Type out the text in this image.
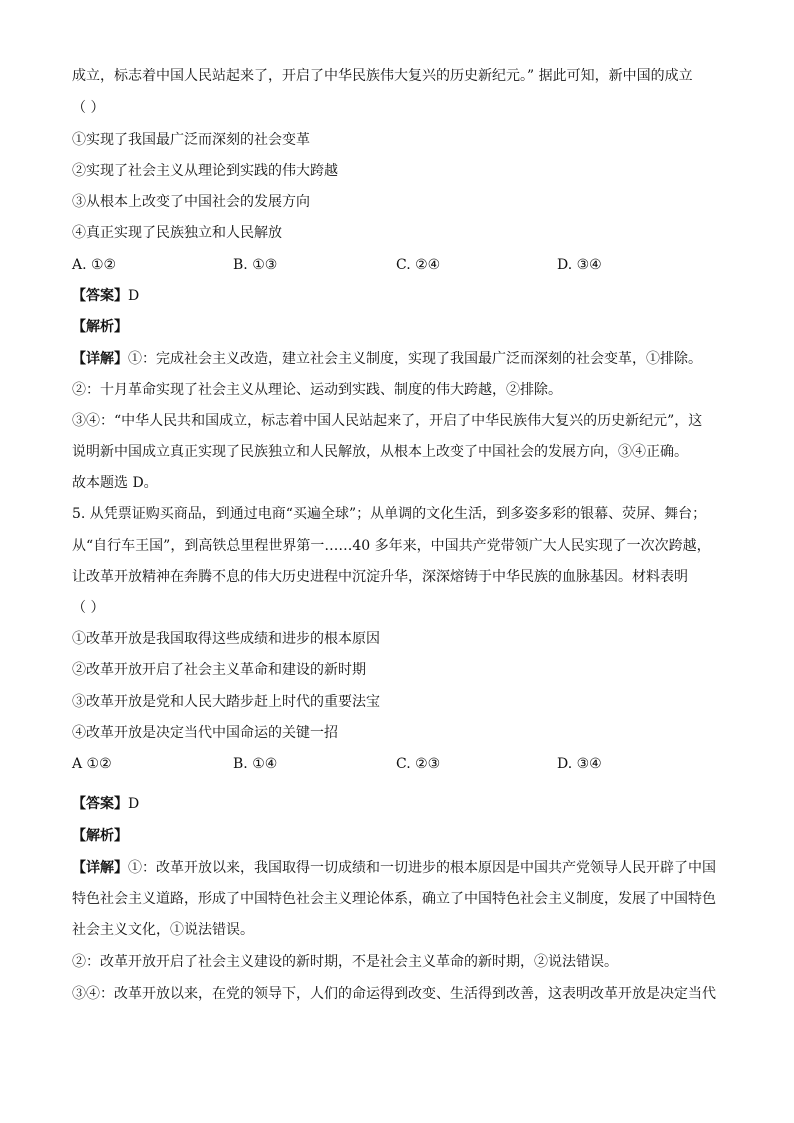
成立，标志着中国人民站起来了，开启了中华民族伟大复兴的历史新纪元。” 据此可知，新中国的成立
（ ）
①实现了我国最广泛而深刻的社会变革
②实现了社会主义从理论到实践的伟大跨越
③从根本上改变了中国社会的发展方向
④真正实现了民族独立和人民解放
A. ①②	B. ①③	C. ②④	D. ③④
【答案】D
【解析】
【详解】①：完成社会主义改造，建立社会主义制度，实现了我国最广泛而深刻的社会变革，①排除。
②：十月革命实现了社会主义从理论、运动到实践、制度的伟大跨越，②排除。
③④：“中华人民共和国成立，标志着中国人民站起来了，开启了中华民族伟大复兴的历史新纪元”，这
说明新中国成立真正实现了民族独立和人民解放，从根本上改变了中国社会的发展方向，③④正确。
故本题选 D。
5. 从凭票证购买商品，到通过电商“买遍全球”；从单调的文化生活，到多姿多彩的银幕、荧屏、舞台；
从“自行车王国”，到高铁总里程世界第一……40 多年来，中国共产党带领广大人民实现了一次次跨越，
让改革开放精神在奔腾不息的伟大历史进程中沉淀升华，深深熔铸于中华民族的血脉基因。材料表明
（ ）
①改革开放是我国取得这些成绩和进步的根本原因
②改革开放开启了社会主义革命和建设的新时期
③改革开放是党和人民大踏步赶上时代的重要法宝
④改革开放是决定当代中国命运的关键一招
A ①②	B. ①④	C. ②③	D. ③④
【答案】D
【解析】
【详解】①：改革开放以来，我国取得一切成绩和一切进步的根本原因是中国共产党领导人民开辟了中国
特色社会主义道路，形成了中国特色社会主义理论体系，确立了中国特色社会主义制度，发展了中国特色
社会主义文化，①说法错误。
②：改革开放开启了社会主义建设的新时期，不是社会主义革命的新时期，②说法错误。
③④：改革开放以来，在党的领导下，人们的命运得到改变、生活得到改善，这表明改革开放是决定当代
